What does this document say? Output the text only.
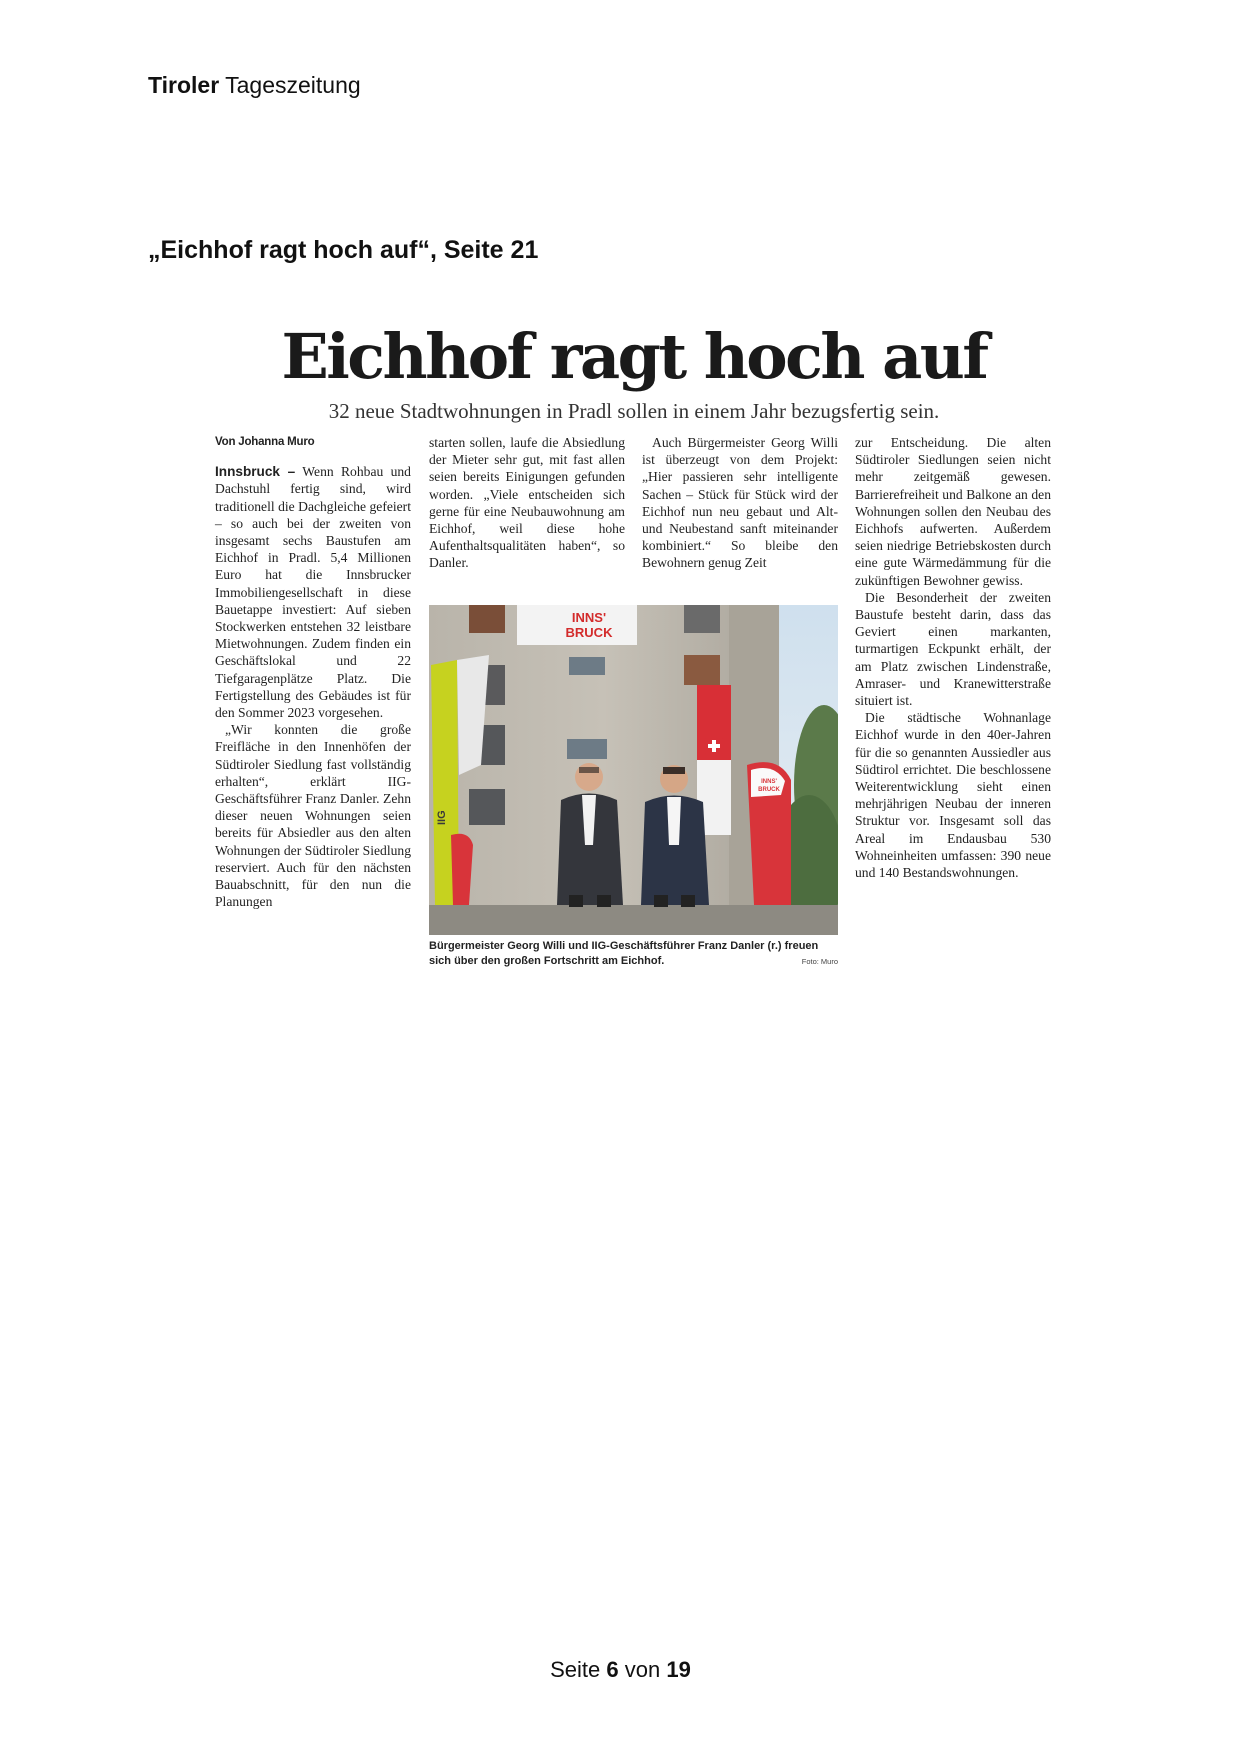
Tiroler Tageszeitung
„Eichhof ragt hoch auf“, Seite 21
Eichhof ragt hoch auf
32 neue Stadtwohnungen in Pradl sollen in einem Jahr bezugsfertig sein.
Von Johanna Muro

Innsbruck – Wenn Rohbau und Dachstuhl fertig sind, wird traditionell die Dachgleiche gefeiert – so auch bei der zweiten von insgesamt sechs Baustufen am Eichhof in Pradl. 5,4 Millionen Euro hat die Innsbrucker Immobiliengesellschaft in diese Bauetappe investiert: Auf sieben Stockwerken entstehen 32 leistbare Mietwohnungen. Zudem finden ein Geschäftslokal und 22 Tiefgaragenplätze Platz. Die Fertigstellung des Gebäudes ist für den Sommer 2023 vorgesehen.

„Wir konnten die große Freifläche in den Innenhöfen der Südtiroler Siedlung fast vollständig erhalten“, erklärt IIG-Geschäftsführer Franz Danler. Zehn dieser neuen Wohnungen seien bereits für Absiedler aus den alten Wohnungen der Südtiroler Siedlung reserviert. Auch für den nächsten Bauabschnitt, für den nun die Planungen

starten sollen, laufe die Absiedlung der Mieter sehr gut, mit fast allen seien bereits Einigungen gefunden worden. „Viele entscheiden sich gerne für eine Neubauwohnung am Eichhof, weil diese hohe Aufenthaltsqualitäten haben“, so Danler.

Auch Bürgermeister Georg Willi ist überzeugt von dem Projekt: „Hier passieren sehr intelligente Sachen – Stück für Stück wird der Eichhof nun neu gebaut und Alt- und Neubestand sanft miteinander kombiniert.“ So bleibe den Bewohnern genug Zeit

zur Entscheidung. Die alten Südtiroler Siedlungen seien nicht mehr zeitgemäß gewesen. Barrierefreiheit und Balkone an den Wohnungen sollen den Neubau des Eichhofs aufwerten. Außerdem seien niedrige Betriebskosten durch eine gute Wärmedämmung für die zukünftigen Bewohner gewiss.

Die Besonderheit der zweiten Baustufe besteht darin, dass das Geviert einen markanten, turmartigen Eckpunkt erhält, der am Platz zwischen Lindenstraße, Amraser- und Kranewitterstraße situiert ist.

Die städtische Wohnanlage Eichhof wurde in den 40er-Jahren für die so genannten Aussiedler aus Südtirol errichtet. Die beschlossene Weiterentwicklung sieht einen mehrjährigen Neubau der inneren Struktur vor. Insgesamt soll das Areal im Endausbau 530 Wohneinheiten umfassen: 390 neue und 140 Bestandswohnungen.

INNS'
BRUCK
IIG
INNS'
BRUCK
Bürgermeister Georg Willi und IIG-Geschäftsführer Franz Danler (r.) freuen sich über den großen Fortschritt am Eichhof.	Foto: Muro
Seite 6 von 19
